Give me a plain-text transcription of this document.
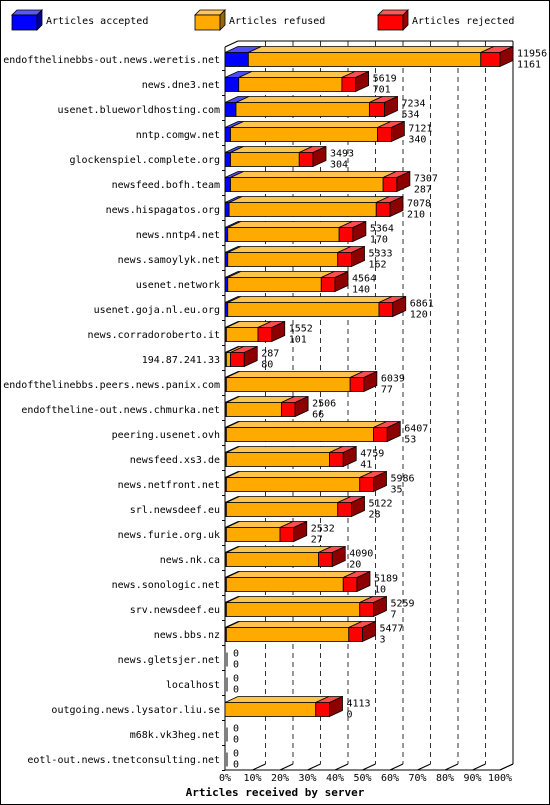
Articles accepted	Articles refused	Articles rejected
0% 10% 20% 30% 40% 50% 60% 70% 80% 90% 100%
Articles received by server
endofthelinebbs-out.news.weretis.net
news.dne3.net
usenet.blueworldhosting.com
nntp.comgw.net
glockenspiel.complete.org
newsfeed.bofh.team
news.hispagatos.org
news.nntp4.net
news.samoylyk.net
usenet.network
usenet.goja.nl.eu.org
news.corradoroberto.it
194.87.241.33
endofthelinebbs.peers.news.panix.com
endoftheline-out.news.chmurka.net
peering.usenet.ovh
newsfeed.xs3.de
news.netfront.net
srl.newsdeef.eu
news.furie.org.uk
news.nk.ca
news.sonologic.net
srv.newsdeef.eu
news.bbs.nz
news.gletsjer.net
localhost
outgoing.news.lysator.liu.se
m68k.vk3heg.net
eotl-out.news.tnetconsulting.net
11956
1161
5619
701
7234
534
7121
340
3493
304
7307
287
7078
210
5364
170
5333
162
4564
140
6861
120
1552
101
287
80
6039
77
2506
66
6407
53
4759
41
5986
35
5122
28
2532
27
4090
20
5189
10
5259
7
5477
3
0
0
0
0
4113
0
0
0
0
0
